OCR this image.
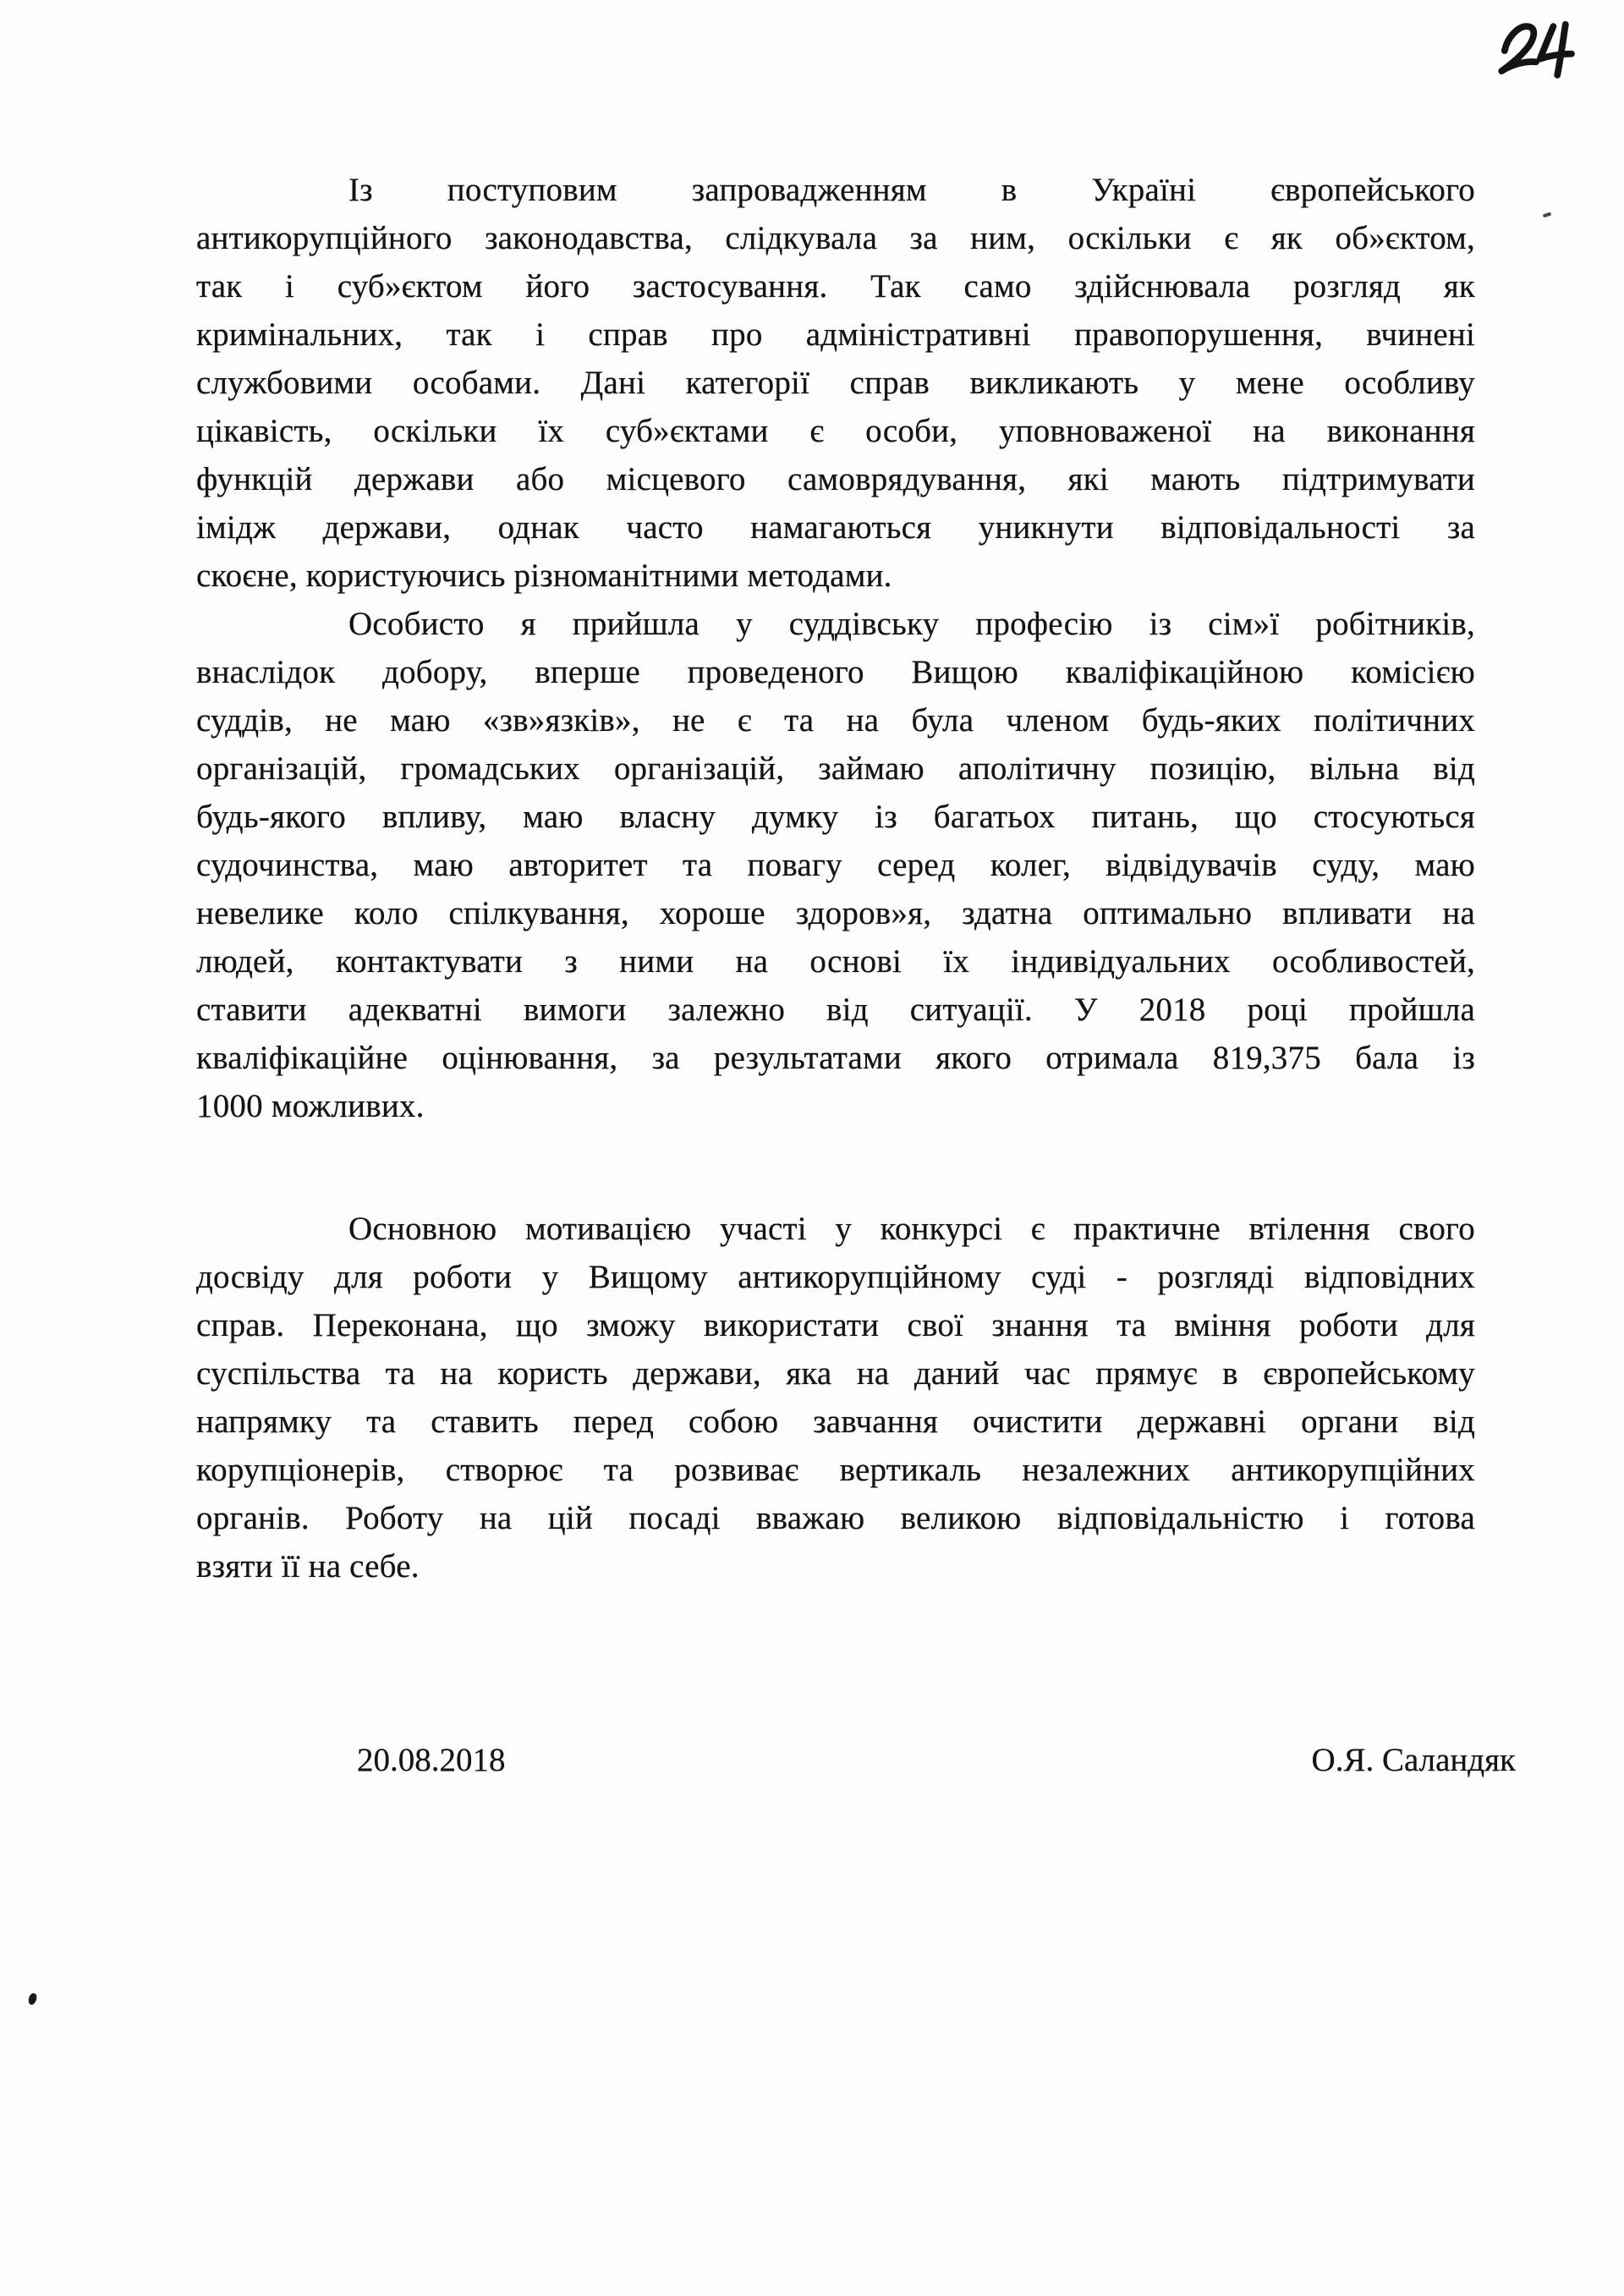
Із поступовим запровадженням в Україні європейського
антикорупційного законодавства, слідкувала за ним, оскільки є як об»єктом,
так і суб»єктом його застосування. Так само здійснювала розгляд як
кримінальних, так і справ про адміністративні правопорушення, вчинені
службовими особами. Дані категорії справ викликають у мене особливу
цікавість, оскільки їх суб»єктами є особи, уповноваженої на виконання
функцій держави або місцевого самоврядування, які мають підтримувати
імідж держави, однак часто намагаються уникнути відповідальності за
скоєне, користуючись різноманітними методами.
Особисто я прийшла у суддівську професію із сім»ї робітників,
внаслідок добору, вперше проведеного Вищою кваліфікаційною комісією
суддів, не маю «зв»язків», не є та на була членом будь-яких політичних
організацій, громадських організацій, займаю аполітичну позицію, вільна від
будь-якого впливу, маю власну думку із багатьох питань, що стосуються
судочинства, маю авторитет та повагу серед колег, відвідувачів суду, маю
невелике коло спілкування, хороше здоров»я, здатна оптимально впливати на
людей, контактувати з ними на основі їх індивідуальних особливостей,
ставити адекватні вимоги залежно від ситуації. У 2018 році пройшла
кваліфікаційне оцінювання, за результатами якого отримала 819,375 бала із
1000 можливих.
Основною мотивацією участі у конкурсі є практичне втілення свого
досвіду для роботи у Вищому антикорупційному суді - розгляді відповідних
справ. Переконана, що зможу використати свої знання та вміння роботи для
суспільства та на користь держави, яка на даний час прямує в європейському
напрямку та ставить перед собою завчання очистити державні органи від
корупціонерів, створює та розвиває вертикаль незалежних антикорупційних
органів. Роботу на цій посаді вважаю великою відповідальністю і готова
взяти її на себе.
20.08.2018	О.Я. Саландяк
